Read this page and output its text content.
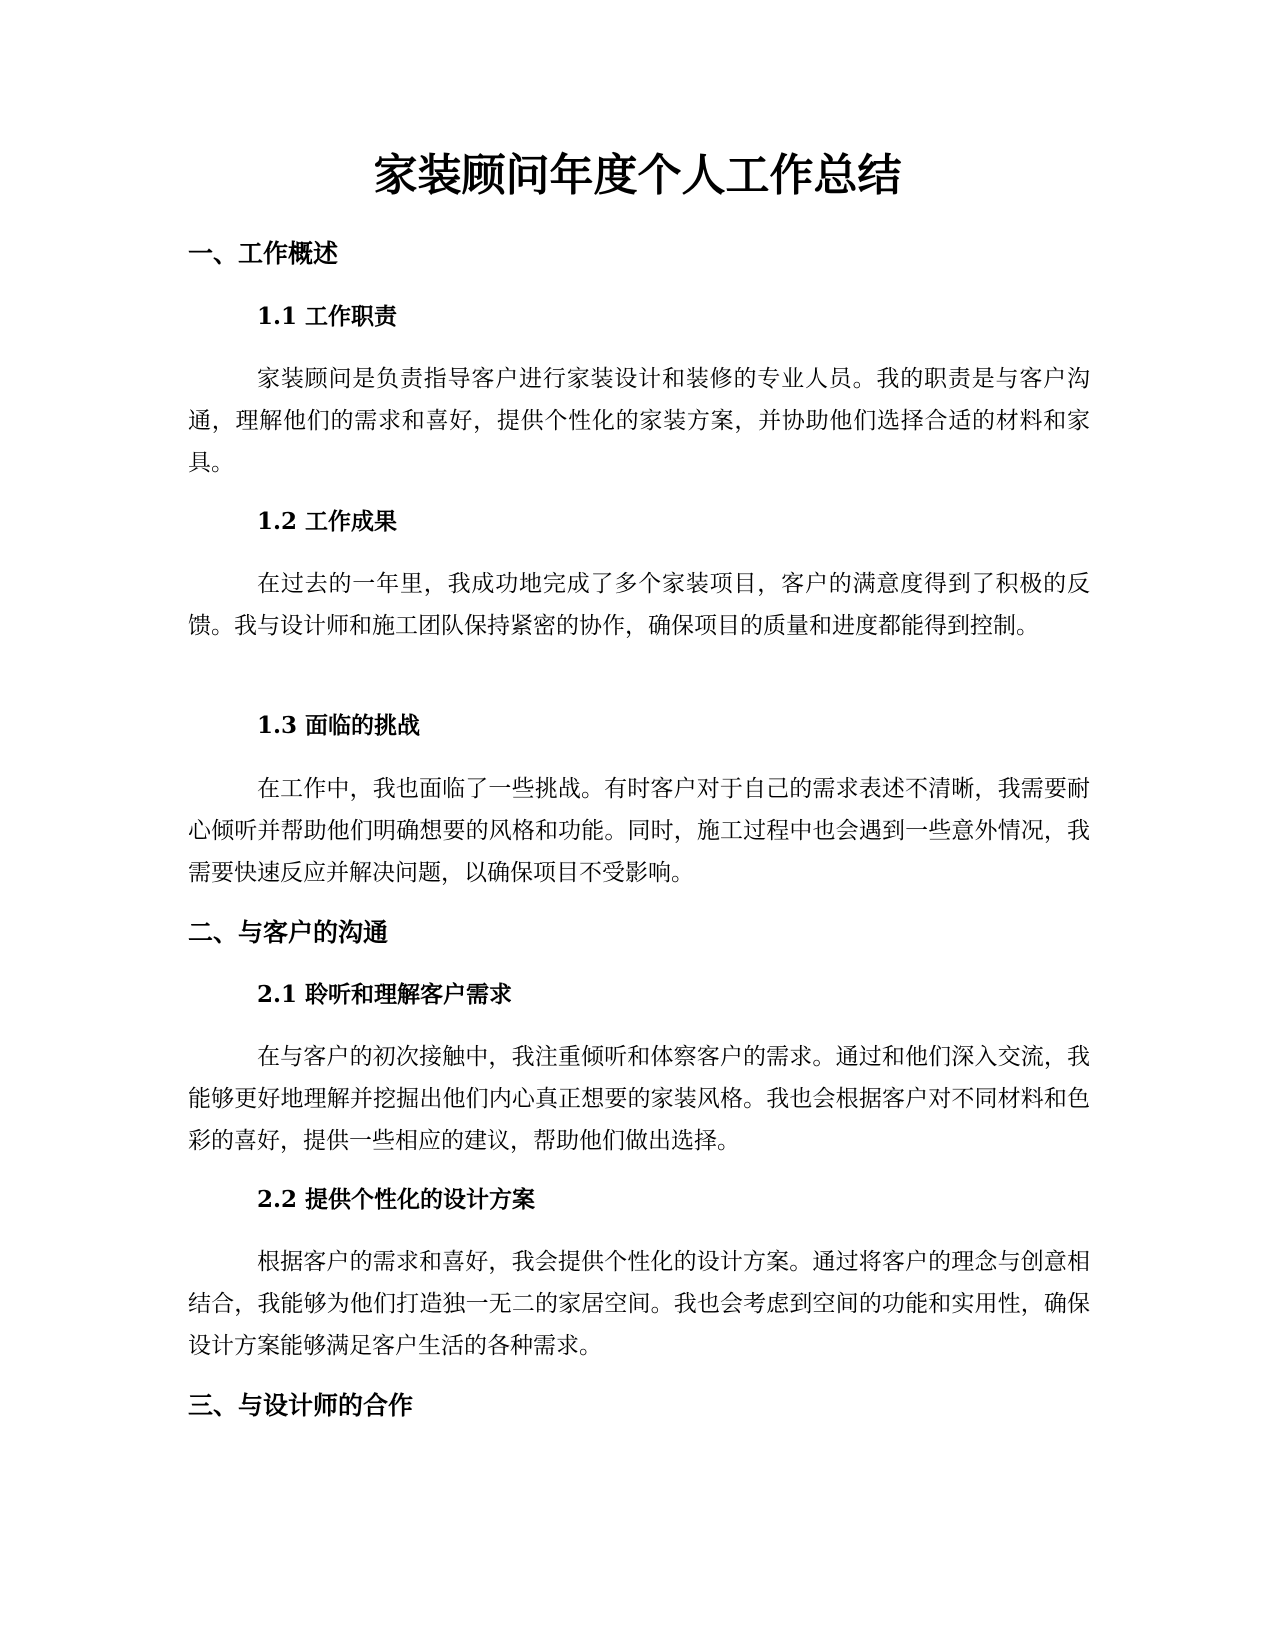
家装顾问年度个人工作总结
一、工作概述
1.1 工作职责

家装顾问是负责指导客户进行家装设计和装修的专业人员。我的职责是与客户沟通，理解他们的需求和喜好，提供个性化的家装方案，并协助他们选择合适的材料和家具。

1.2 工作成果

在过去的一年里，我成功地完成了多个家装项目，客户的满意度得到了积极的反馈。我与设计师和施工团队保持紧密的协作，确保项目的质量和进度都能得到控制。

1.3 面临的挑战

在工作中，我也面临了一些挑战。有时客户对于自己的需求表述不清晰，我需要耐心倾听并帮助他们明确想要的风格和功能。同时，施工过程中也会遇到一些意外情况，我需要快速反应并解决问题，以确保项目不受影响。

二、与客户的沟通
2.1 聆听和理解客户需求

在与客户的初次接触中，我注重倾听和体察客户的需求。通过和他们深入交流，我能够更好地理解并挖掘出他们内心真正想要的家装风格。我也会根据客户对不同材料和色彩的喜好，提供一些相应的建议，帮助他们做出选择。

2.2 提供个性化的设计方案

根据客户的需求和喜好，我会提供个性化的设计方案。通过将客户的理念与创意相结合，我能够为他们打造独一无二的家居空间。我也会考虑到空间的功能和实用性，确保设计方案能够满足客户生活的各种需求。

三、与设计师的合作
